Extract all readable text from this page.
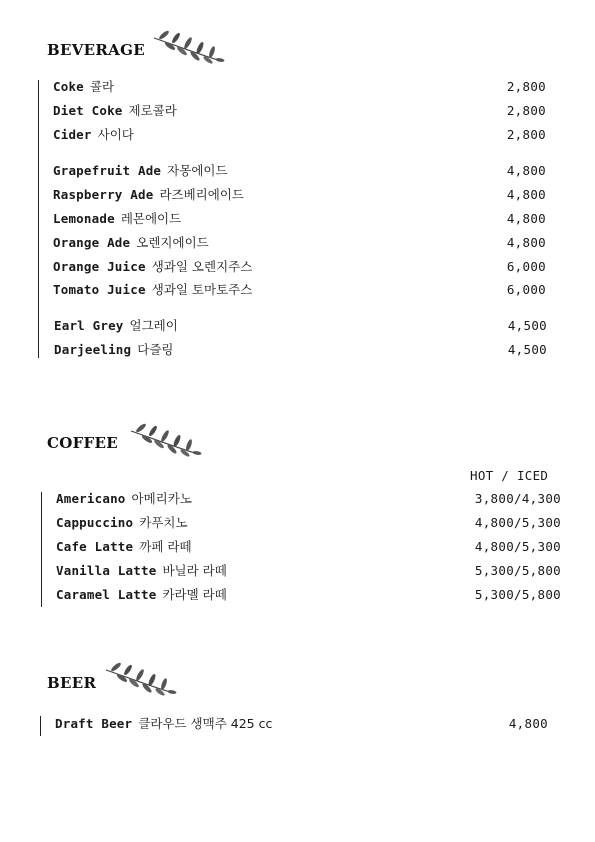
BEVERAGE
Coke 콜라	2,800
Diet Coke 제로콜라	2,800
Cider 사이다	2,800
Grapefruit Ade 자몽에이드	4,800
Raspberry Ade 라즈베리에이드	4,800
Lemonade 레몬에이드	4,800
Orange Ade 오렌지에이드	4,800
Orange Juice 생과일 오렌지주스	6,000
Tomato Juice 생과일 토마토주스	6,000
Earl Grey 얼그레이	4,500
Darjeeling 다즐링	4,500
COFFEE
HOT / ICED
Americano 아메리카노	3,800/4,300
Cappuccino 카푸치노	4,800/5,300
Cafe Latte 까페 라떼	4,800/5,300
Vanilla Latte 바닐라 라떼	5,300/5,800
Caramel Latte 카라멜 라떼	5,300/5,800
BEER
Draft Beer 클라우드 생맥주 425 cc	4,800
